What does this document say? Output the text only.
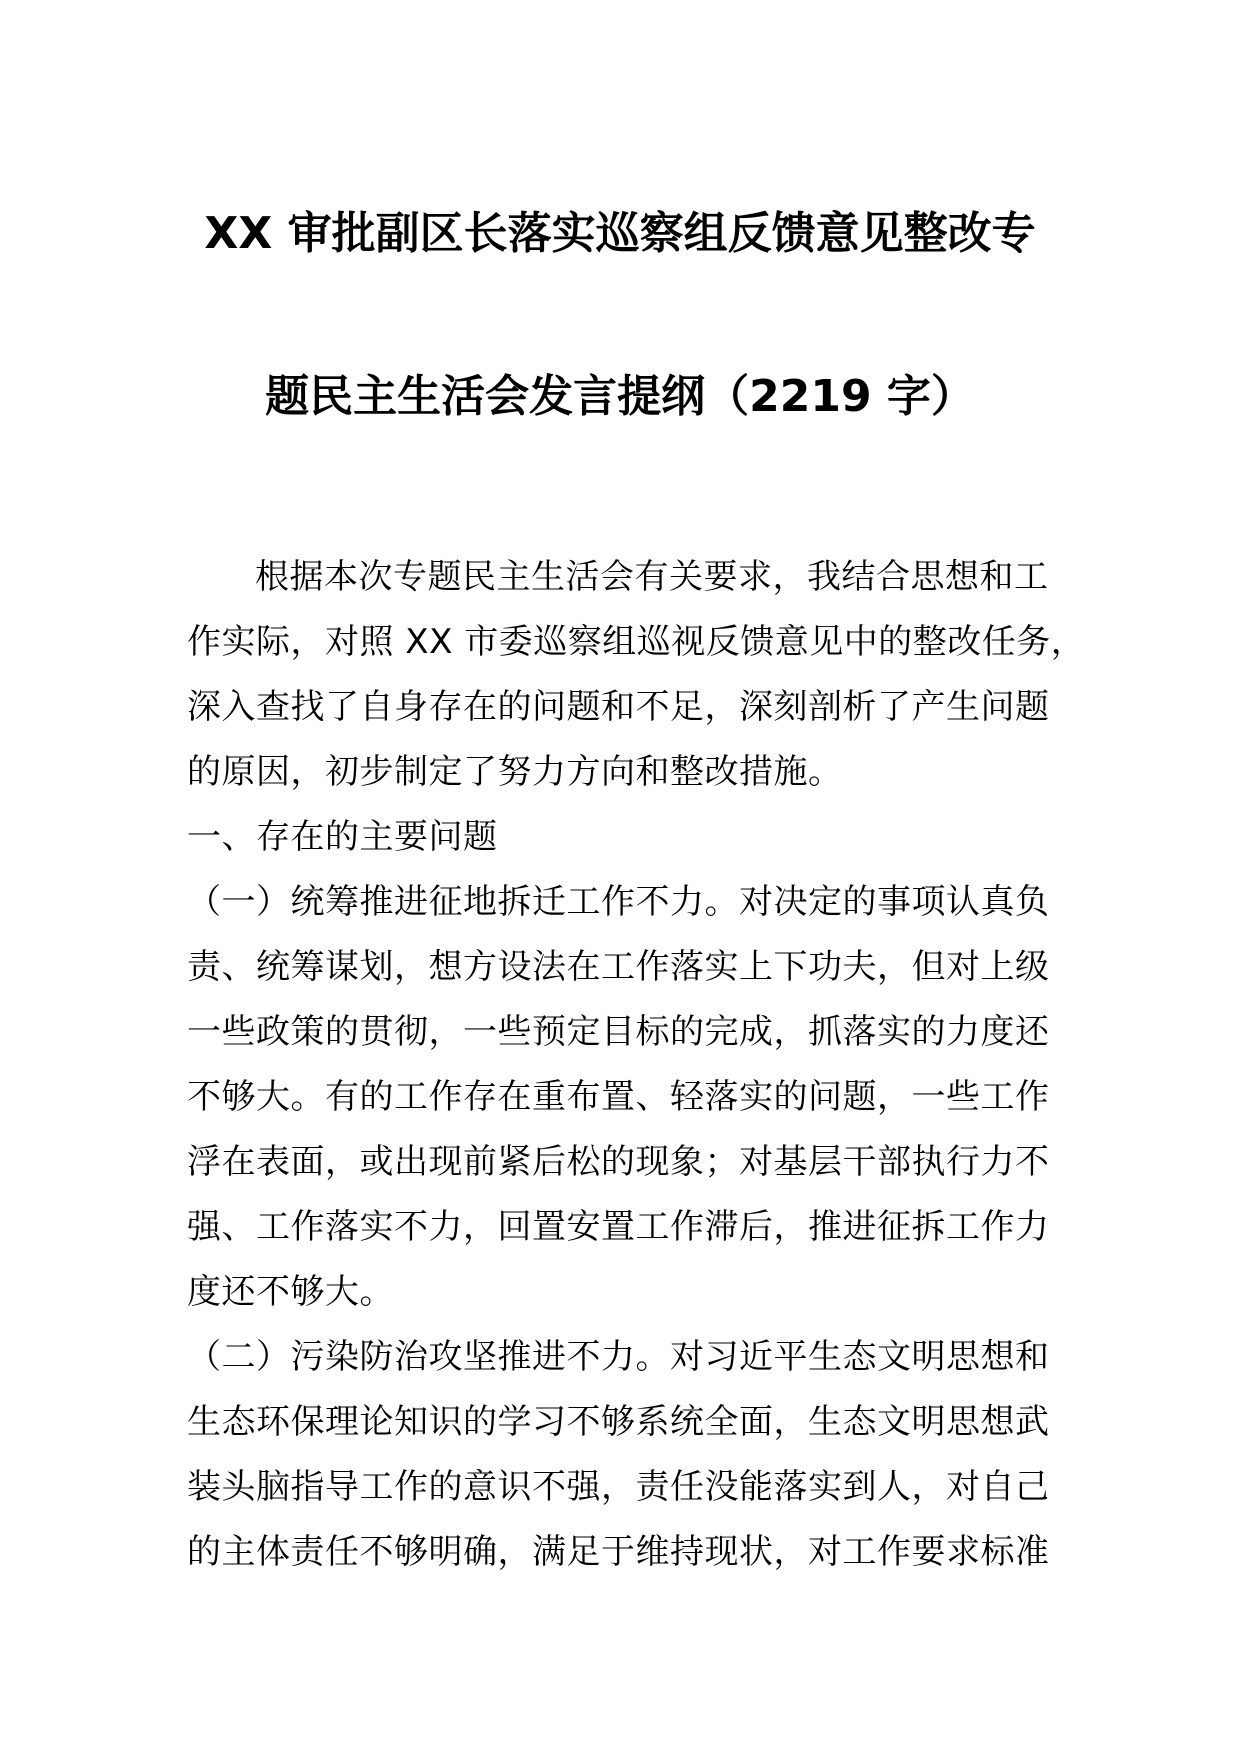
XX 审批副区长落实巡察组反馈意见整改专
题民主生活会发言提纲（2219 字）
根据本次专题民主生活会有关要求，我结合思想和工
作实际，对照 XX 市委巡察组巡视反馈意见中的整改任务，
深入查找了自身存在的问题和不足，深刻剖析了产生问题
的原因，初步制定了努力方向和整改措施。
一、存在的主要问题
（一）统筹推进征地拆迁工作不力。对决定的事项认真负
责、统筹谋划，想方设法在工作落实上下功夫，但对上级
一些政策的贯彻，一些预定目标的完成，抓落实的力度还
不够大。有的工作存在重布置、轻落实的问题，一些工作
浮在表面，或出现前紧后松的现象；对基层干部执行力不
强、工作落实不力，回置安置工作滞后，推进征拆工作力
度还不够大。
（二）污染防治攻坚推进不力。对习近平生态文明思想和
生态环保理论知识的学习不够系统全面，生态文明思想武
装头脑指导工作的意识不强，责任没能落实到人，对自己
的主体责任不够明确，满足于维持现状，对工作要求标准
